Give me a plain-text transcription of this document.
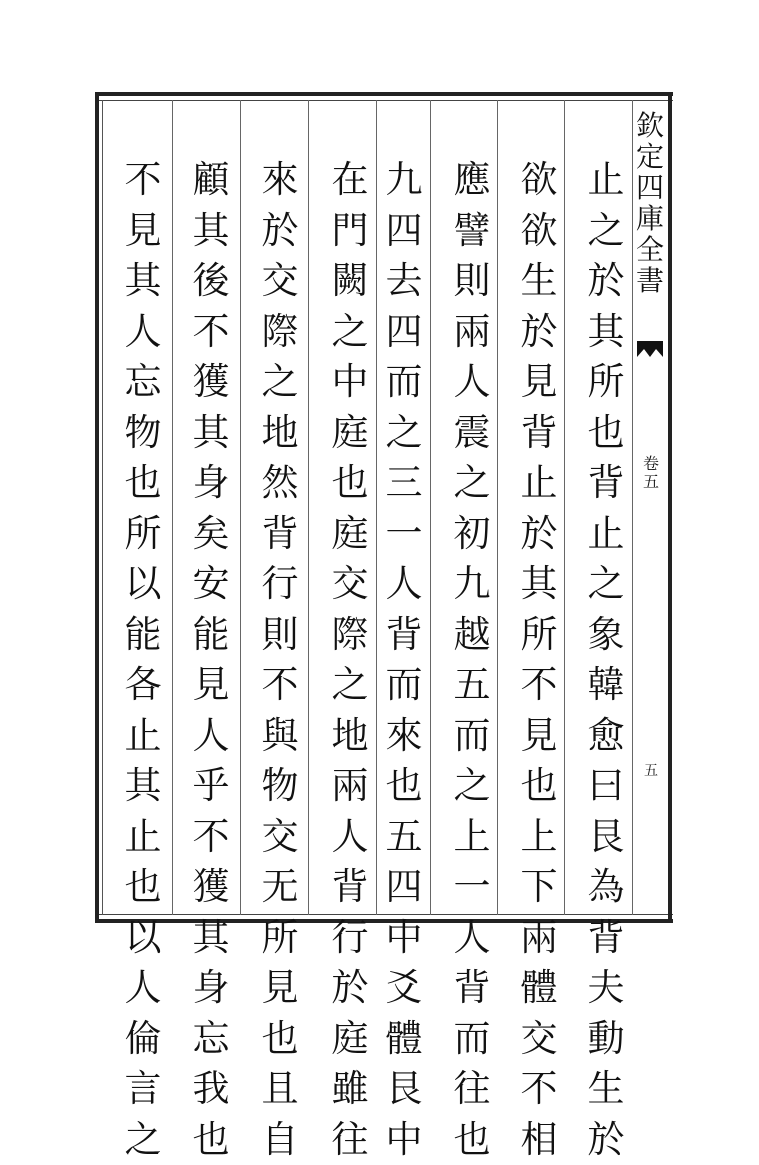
欽
定
四
庫
全
書
卷
五
五
止
之
於
其
所
也
背
止
之
象
韓
愈
曰
艮
為
背
夫
動
生
於
欲
欲
生
於
見
背
止
於
其
所
不
見
也
上
下
兩
體
交
不
相
應
譬
則
兩
人
震
之
初
九
越
五
而
之
上
一
人
背
而
往
也
九
四
去
四
而
之
三
一
人
背
而
來
也
五
四
中
爻
體
艮
中
在
門
闕
之
中
庭
也
庭
交
際
之
地
兩
人
背
行
於
庭
雖
往
來
於
交
際
之
地
然
背
行
則
不
與
物
交
无
所
見
也
且
自
顧
其
後
不
獲
其
身
矣
安
能
見
人
乎
不
獲
其
身
忘
我
也
不
見
其
人
忘
物
也
所
以
能
各
止
其
止
也
以
人
倫
言
之
